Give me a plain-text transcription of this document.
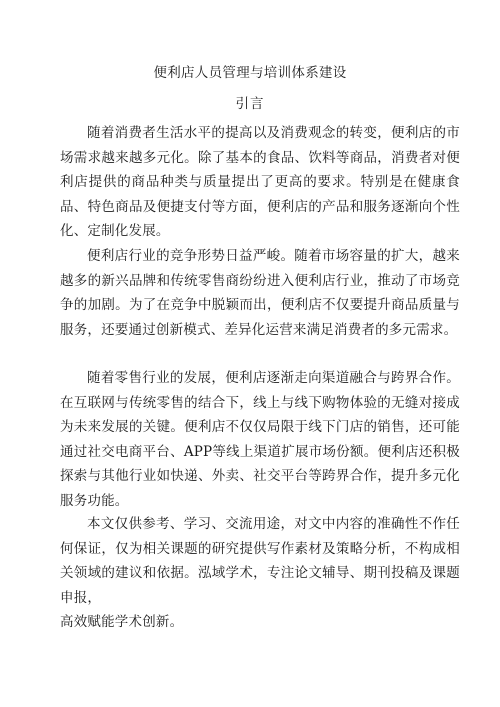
便利店人员管理与培训体系建设
引言

随着消费者生活水平的提高以及消费观念的转变，便利店的市场需求越来越多元化。除了基本的食品、饮料等商品，消费者对便利店提供的商品种类与质量提出了更高的要求。特别是在健康食品、特色商品及便捷支付等方面，便利店的产品和服务逐渐向个性化、定制化发展。

便利店行业的竞争形势日益严峻。随着市场容量的扩大，越来越多的新兴品牌和传统零售商纷纷进入便利店行业，推动了市场竞争的加剧。为了在竞争中脱颖而出，便利店不仅要提升商品质量与服务，还要通过创新模式、差异化运营来满足消费者的多元需求。

随着零售行业的发展，便利店逐渐走向渠道融合与跨界合作。在互联网与传统零售的结合下，线上与线下购物体验的无缝对接成为未来发展的关键。便利店不仅仅局限于线下门店的销售，还可能通过社交电商平台、APP等线上渠道扩展市场份额。便利店还积极探索与其他行业如快递、外卖、社交平台等跨界合作，提升多元化服务功能。

本文仅供参考、学习、交流用途，对文中内容的准确性不作任何保证，仅为相关课题的研究提供写作素材及策略分析，不构成相关领域的建议和依据。泓域学术，专注论文辅导、期刊投稿及课题申报，

高效赋能学术创新。
